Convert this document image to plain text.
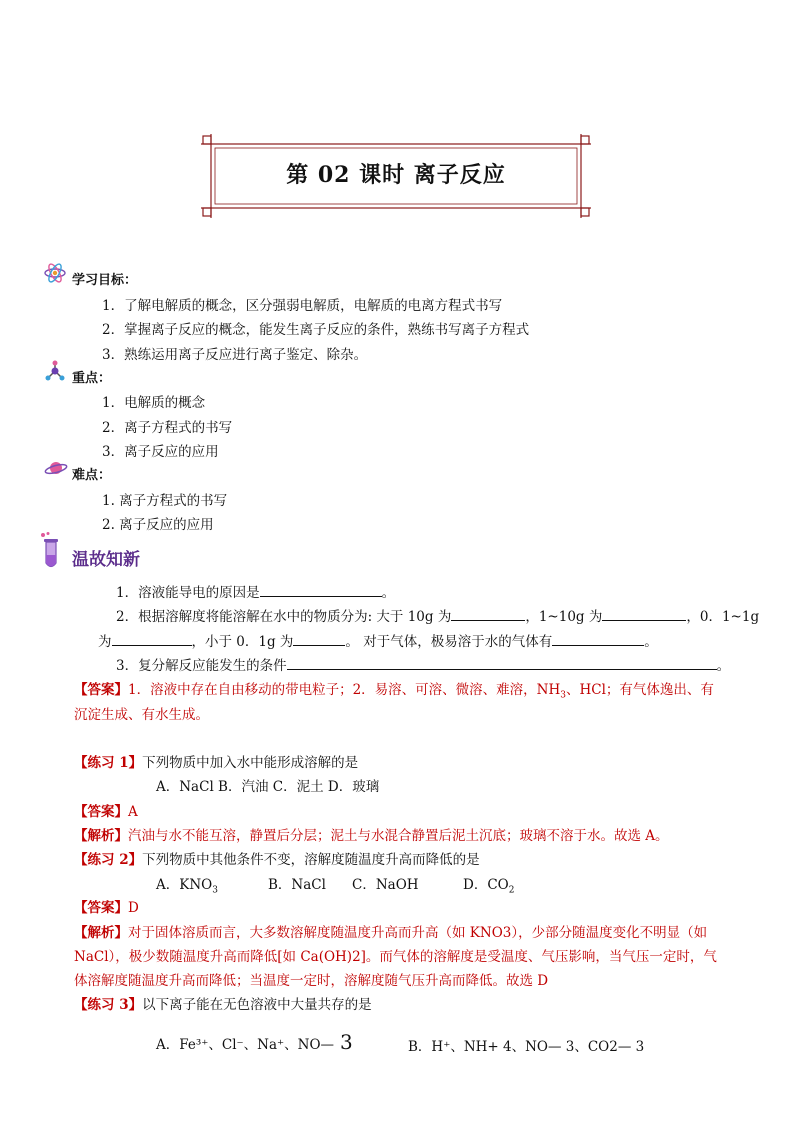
第 02 课时 离子反应
学习目标：
1．了解电解质的概念，区分强弱电解质，电解质的电离方程式书写
2．掌握离子反应的概念，能发生离子反应的条件，熟练书写离子方程式
3．熟练运用离子反应进行离子鉴定、除杂。
重点：
1．电解质的概念
2．离子方程式的书写
3．离子反应的应用
难点：
1. 离子方程式的书写
2. 离子反应的应用
温故知新
1．溶液能导电的原因是	。
2．根据溶解度将能溶解在水中的物质分为: 大于 10g 为	，1~10g 为	，0．1~1g
为	，小于 0．1g 为	。 对于气体，极易溶于水的气体有	。
3．复分解反应能发生的条件	。
【答案】1．溶液中存在自由移动的带电粒子；2．易溶、可溶、微溶、难溶，$NH_3$、HCl；有气体逸出、有
沉淀生成、有水生成。
【练习 1】下列物质中加入水中能形成溶解的是
A．NaCl B．汽油 C．泥土 D．玻璃
【答案】A
【解析】汽油与水不能互溶，静置后分层；泥土与水混合静置后泥土沉底；玻璃不溶于水。故选 A。
【练习 2】下列物质中其他条件不变，溶解度随温度升高而降低的是
A．$KNO_3$	B．NaCl C．NaOH	D．$CO_2$
【答案】D
【解析】对于固体溶质而言，大多数溶解度随温度升高而升高（如 KNO3），少部分随温度变化不明显（如
NaCl），极少数随温度升高而降低[如 Ca(OH)2]。而气体的溶解度是受温度、气压影响，当气压一定时，气
体溶解度随温度升高而降低；当温度一定时，溶解度随气压升高而降低。故选 D
【练习 3】以下离子能在无色溶液中大量共存的是
A．Fe³⁺、Cl⁻、Na⁺、NO— 3	B．H⁺、NH+ 4、NO— 3、CO2— 3
